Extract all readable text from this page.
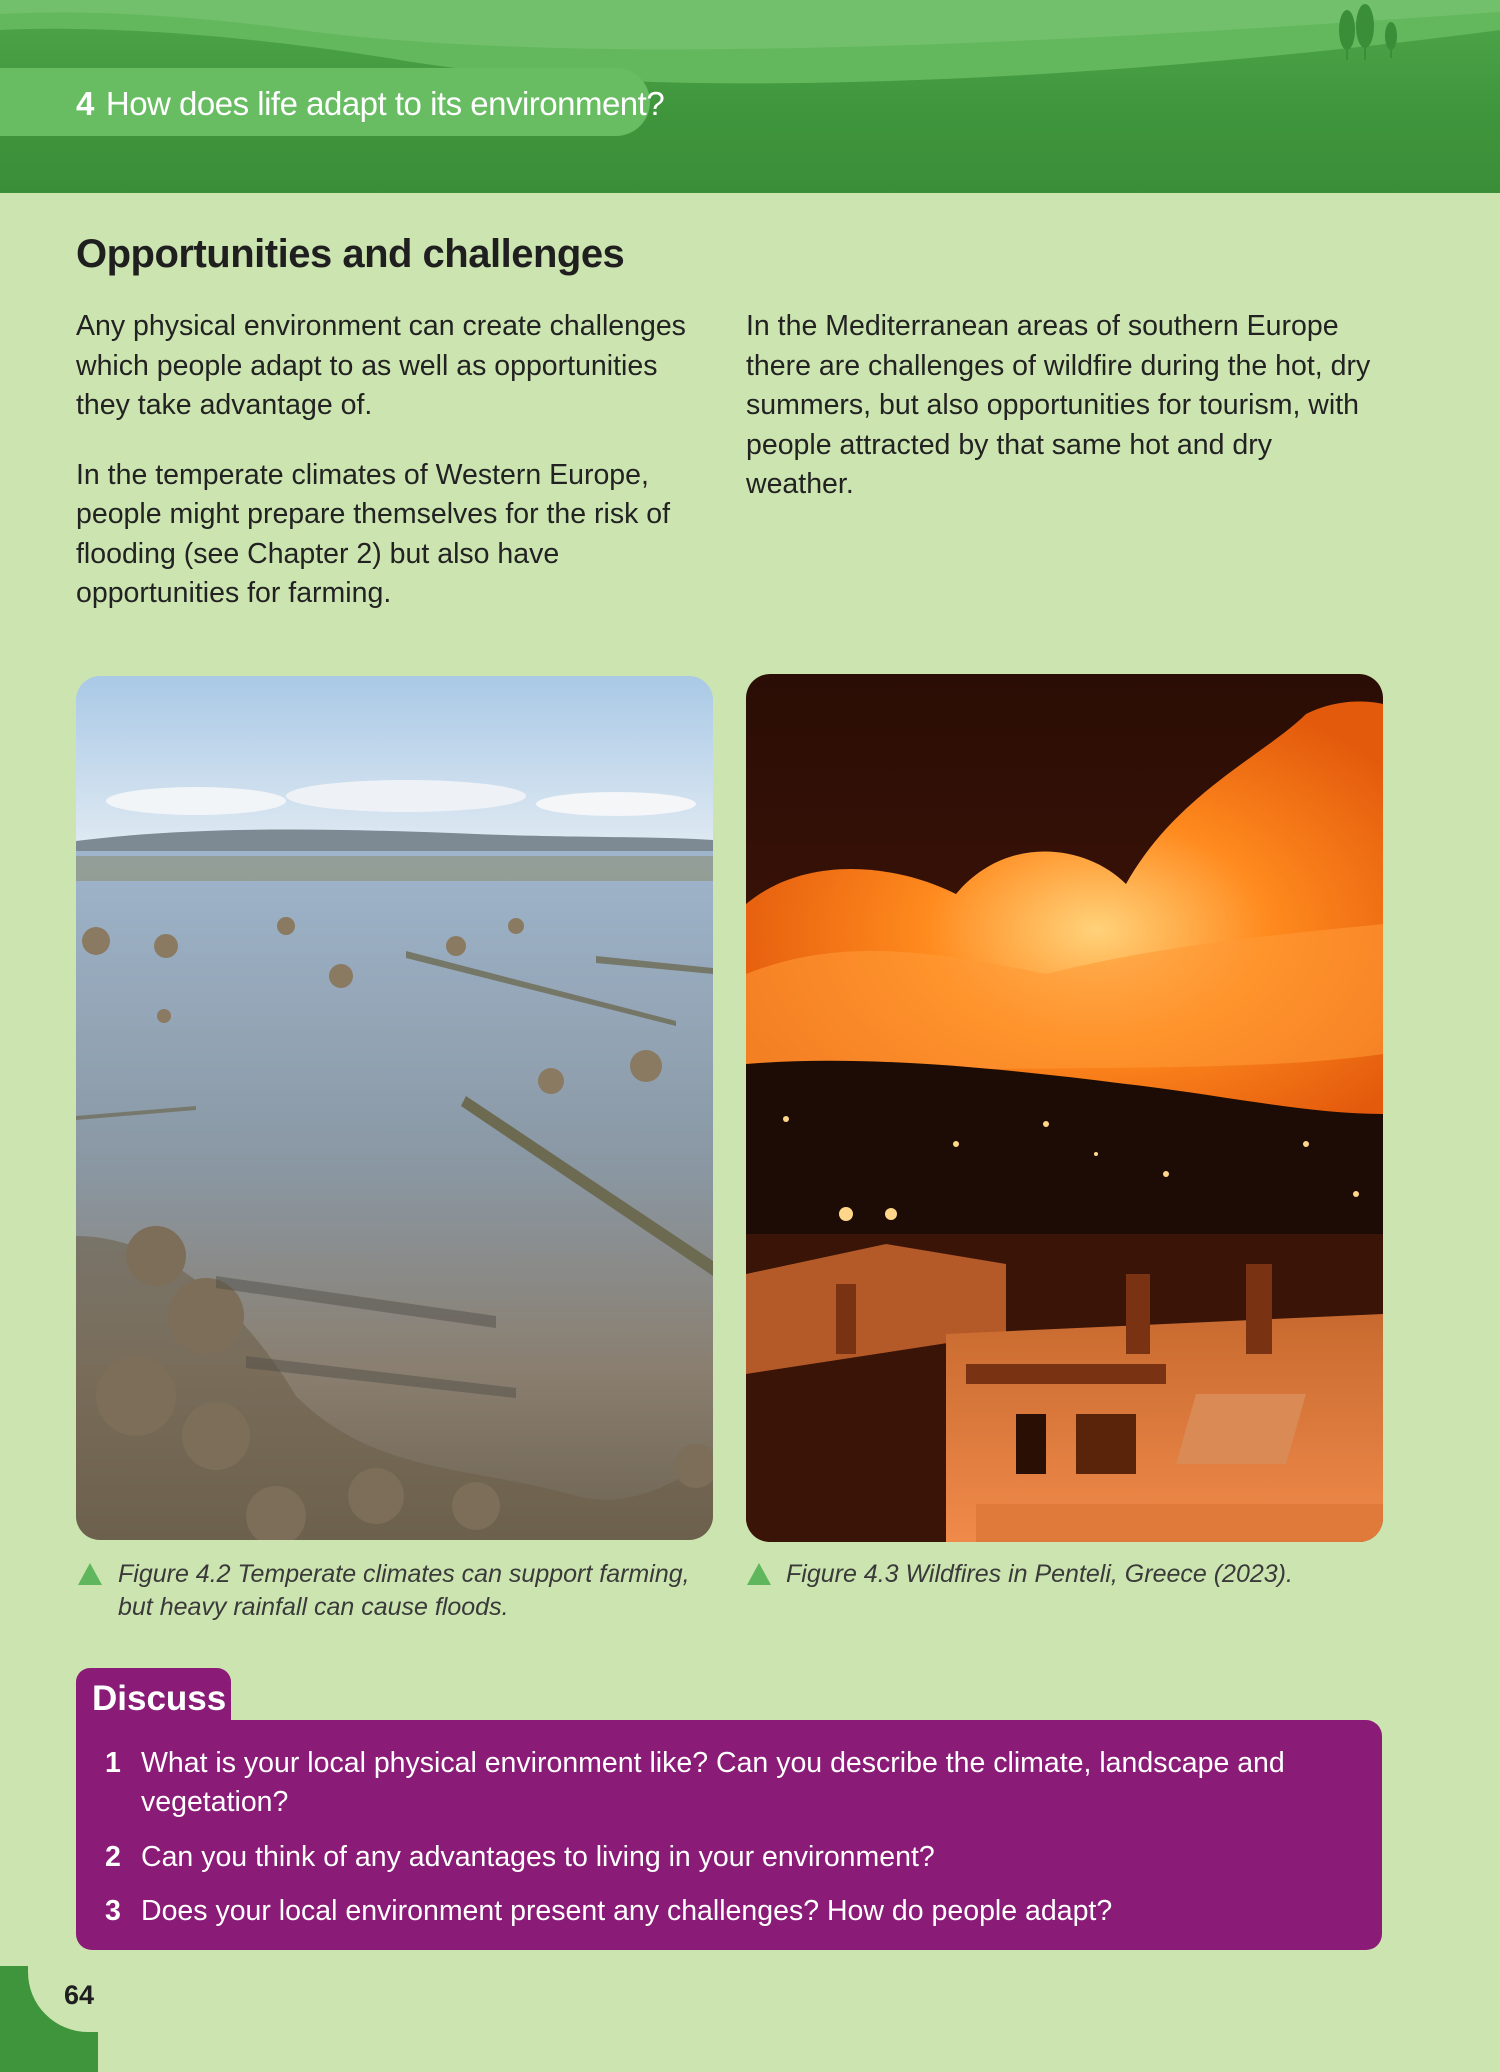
4 How does life adapt to its environment?
Opportunities and challenges

Any physical environment can create challenges which people adapt to as well as opportunities they take advantage of.

In the temperate climates of Western Europe, people might prepare themselves for the risk of flooding (see Chapter 2) but also have opportunities for farming.

In the Mediterranean areas of southern Europe there are challenges of wildfire during the hot, dry summers, but also opportunities for tourism, with people attracted by that same hot and dry weather.

Figure 4.2 Temperate climates can support farming, but heavy rainfall can cause floods.
Figure 4.3 Wildfires in Penteli, Greece (2023).
Discuss
1 What is your local physical environment like? Can you describe the climate, landscape and vegetation?
2 Can you think of any advantages to living in your environment?
3 Does your local environment present any challenges? How do people adapt?
64
